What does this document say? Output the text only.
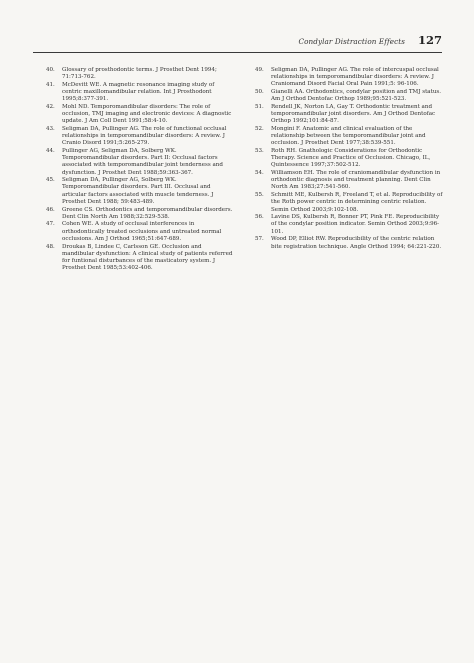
Condylar Distraction Effects 127
40.	Glossary of prosthodontic terms. J Prosthet Dent 1994; 71:713-762.
41.	McDevitt WE. A magnetic resonance imaging study of centric maxillomandibular relation. Int J Prosthodont 1995;8:377-391.
42.	Mohl ND. Temporomandibular disorders: The role of occlusion, TMJ imaging and electronic devices: A diagnostic update. J Am Coll Dent 1991;58:4-10.
43.	Seligman DA, Pullinger AG. The role of functional occlusal relationships in temporomandibular disorders: A review. J Cranio Disord 1991;5:265-279.
44.	Pullinger AG, Seligman DA, Solberg WK. Temporomandibular disorders. Part II: Occlusal factors associated with temporomandibular joint tenderness and dysfunction. J Prosthet Dent 1988;59:363-367.
45.	Seligman DA, Pullinger AG, Solberg WK. Temporomandibular disorders. Part III. Occlusal and articular factors associated with muscle tenderness. J Prosthet Dent 1988; 59:483-489.
46.	Greene CS. Orthodontics and temporomandibular disorders. Dent Clin North Am 1988;32:529-538.
47.	Cohen WE. A study of occlusal interferences in orthodontically treated occlusions and untreated normal occlusions. Am J Orthod 1965;51:647-689.
48.	Droukas B, Lindee C, Carlsson GE. Occlusion and mandibular dysfunction: A clinical study of patients referred for funtional disturbances of the masticatory system. J Prosthet Dent 1985;53:402-406.
49.	Seligman DA, Pullinger AG. The role of intercuspal occlusal relationships in temporomandibular disorders: A review. J Craniomand Disord Facial Oral Pain 1991;5: 96-106.
50.	Gianelli AA. Orthodontics, condylar position and TMJ status. Am J Orthod Dentofac Orthop 1989;95:521-523.
51.	Rendell JK, Norton LA, Gay T. Orthodontic treatment and temporomandibular joint disorders. Am J Orthod Dentofac Orthop 1992;101:84-87.
52.	Mongini F. Anatomic and clinical evaluation of the relationship between the temporomandibular joint and occlusion. J Prosthet Dent 1977;38:539-551.
53.	Roth RH. Gnathologic Considerations for Orthodontic Therapy. Science and Practice of Occlusion. Chicago, IL, Quintessence 1997;37:502-512.
54.	Williamson EH. The role of craniomandibular dysfunction in orthodontic diagnosis and treatment planning. Dent Clin North Am 1983;27:541-560.
55.	Schmitt ME, Kulbersh R, Freeland T, et al. Reproducibility of the Roth power centric in determining centric relation. Semin Orthod 2003;9:102-108.
56.	Lavine DS, Kulbersh R, Bonner PT, Pink FE. Reproducibility of the condylar position indicator. Semin Orthod 2003;9:96-101.
57.	Wood DP, Elliot RW. Reproducibility of the centric relation bite registration technique. Angle Orthod 1994; 64:221-220.
